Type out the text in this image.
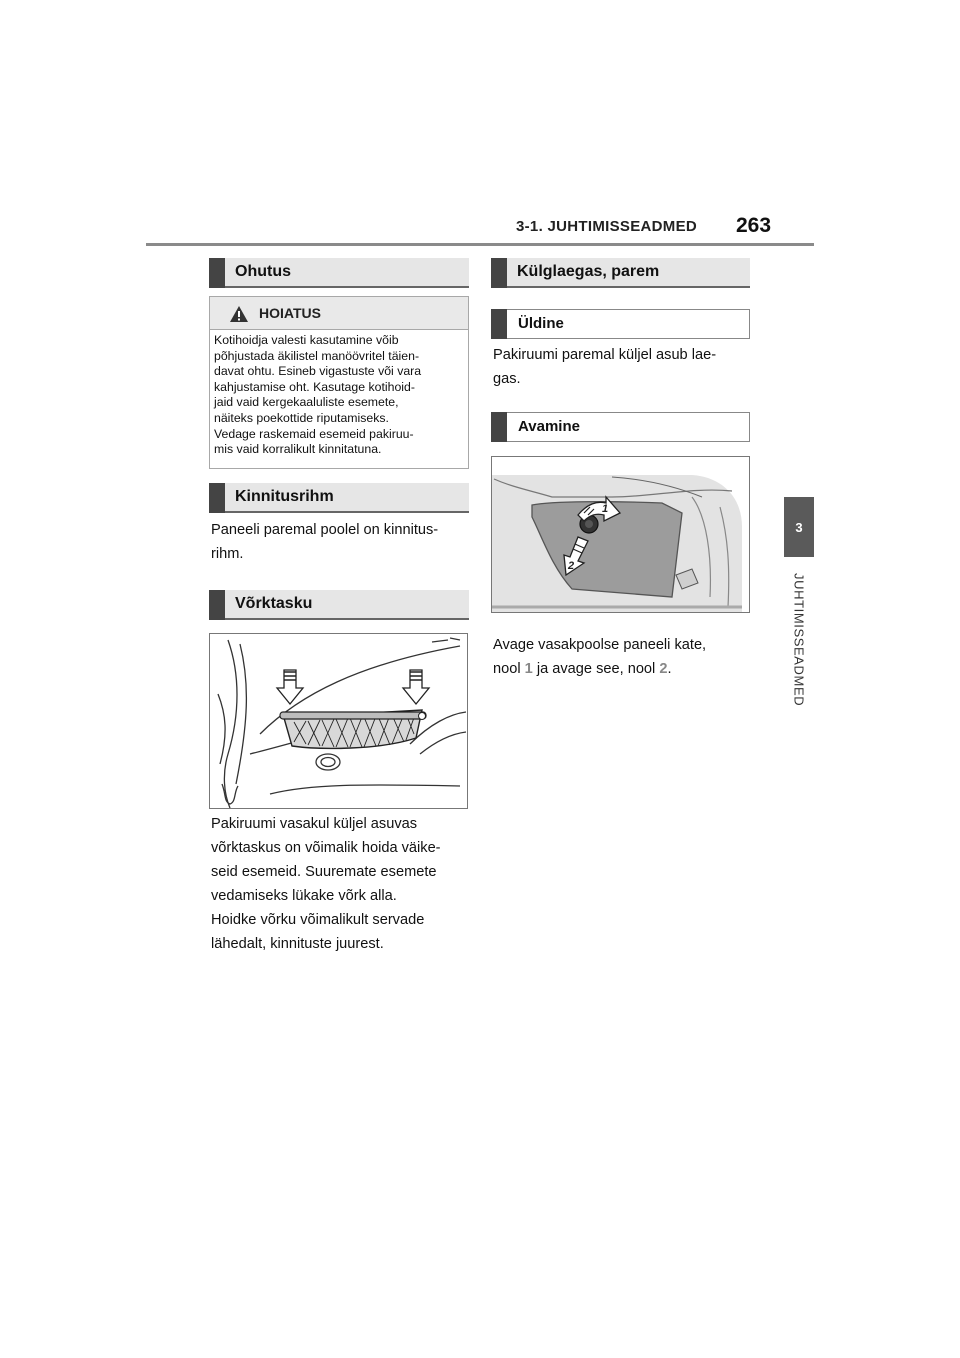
3-1. JUHTIMISSEADMED 263
3
JUHTIMISSEADMED
Ohutus
HOIATUS
Kotihoidja valesti kasutamine võib
põhjustada äkilistel manöövritel täien-
davat ohtu. Esineb vigastuste või vara
kahjustamise oht. Kasutage kotihoid-
jaid vaid kergekaaluliste esemete,
näiteks poekottide riputamiseks.
Vedage raskemaid esemeid pakiruu-
mis vaid korralikult kinnitatuna.
Kinnitusrihm
Paneeli paremal poolel on kinnitus-
rihm.
Võrktasku
Pakiruumi vasakul küljel asuvas
võrktaskus on võimalik hoida väike-
seid esemeid. Suuremate esemete
vedamiseks lükake võrk alla.
Hoidke võrku võimalikult servade
lähedalt, kinnituste juurest.
Külglaegas, parem
Üldine
Pakiruumi paremal küljel asub lae-
gas.
Avamine
1
2
Avage vasakpoolse paneeli kate,
nool 1 ja avage see, nool 2.
